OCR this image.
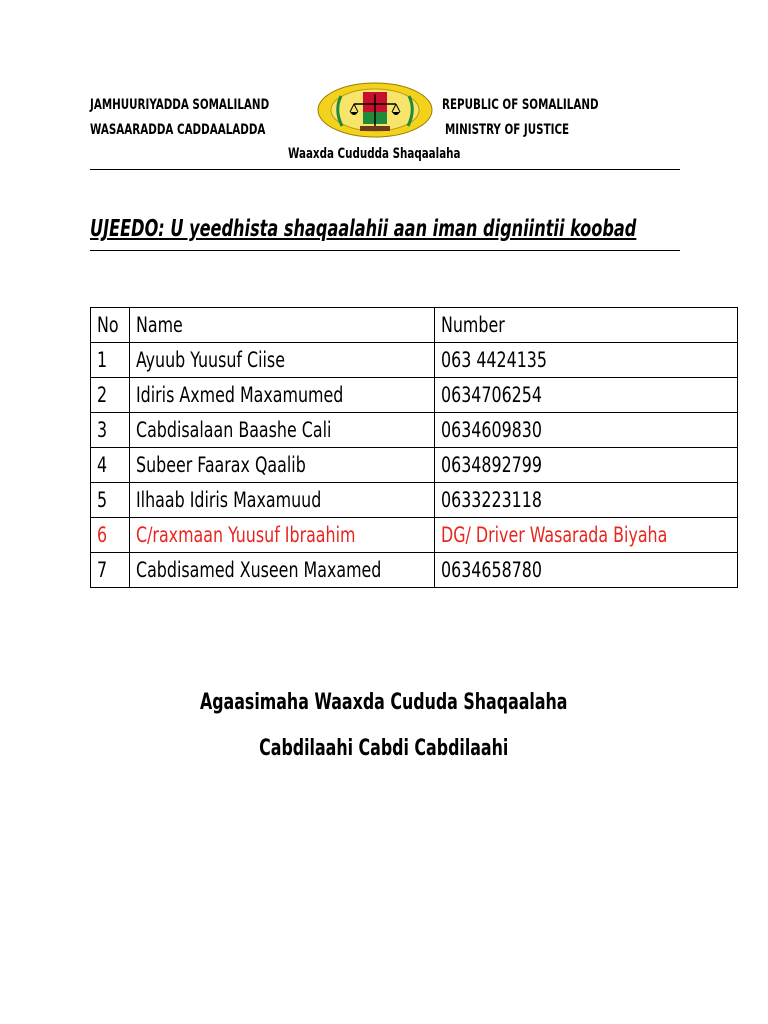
JAMHUURIYADDA SOMALILAND
WASAARADDA CADDAALADDA
REPUBLIC OF SOMALILAND
MINISTRY OF JUSTICE
Waaxda Cududda Shaqaalaha
UJEEDO: U yeedhista shaqaalahii aan iman digniintii koobad
No	Name	Number
1	Ayuub Yuusuf Ciise	063 4424135
2	Idiris Axmed Maxamumed	0634706254
3	Cabdisalaan Baashe Cali	0634609830
4	Subeer Faarax Qaalib	0634892799
5	Ilhaab Idiris Maxamuud	0633223118
6	C/raxmaan Yuusuf Ibraahim	DG/ Driver Wasarada Biyaha
7	Cabdisamed Xuseen Maxamed	0634658780
Agaasimaha Waaxda Cududa Shaqaalaha
Cabdilaahi Cabdi Cabdilaahi
